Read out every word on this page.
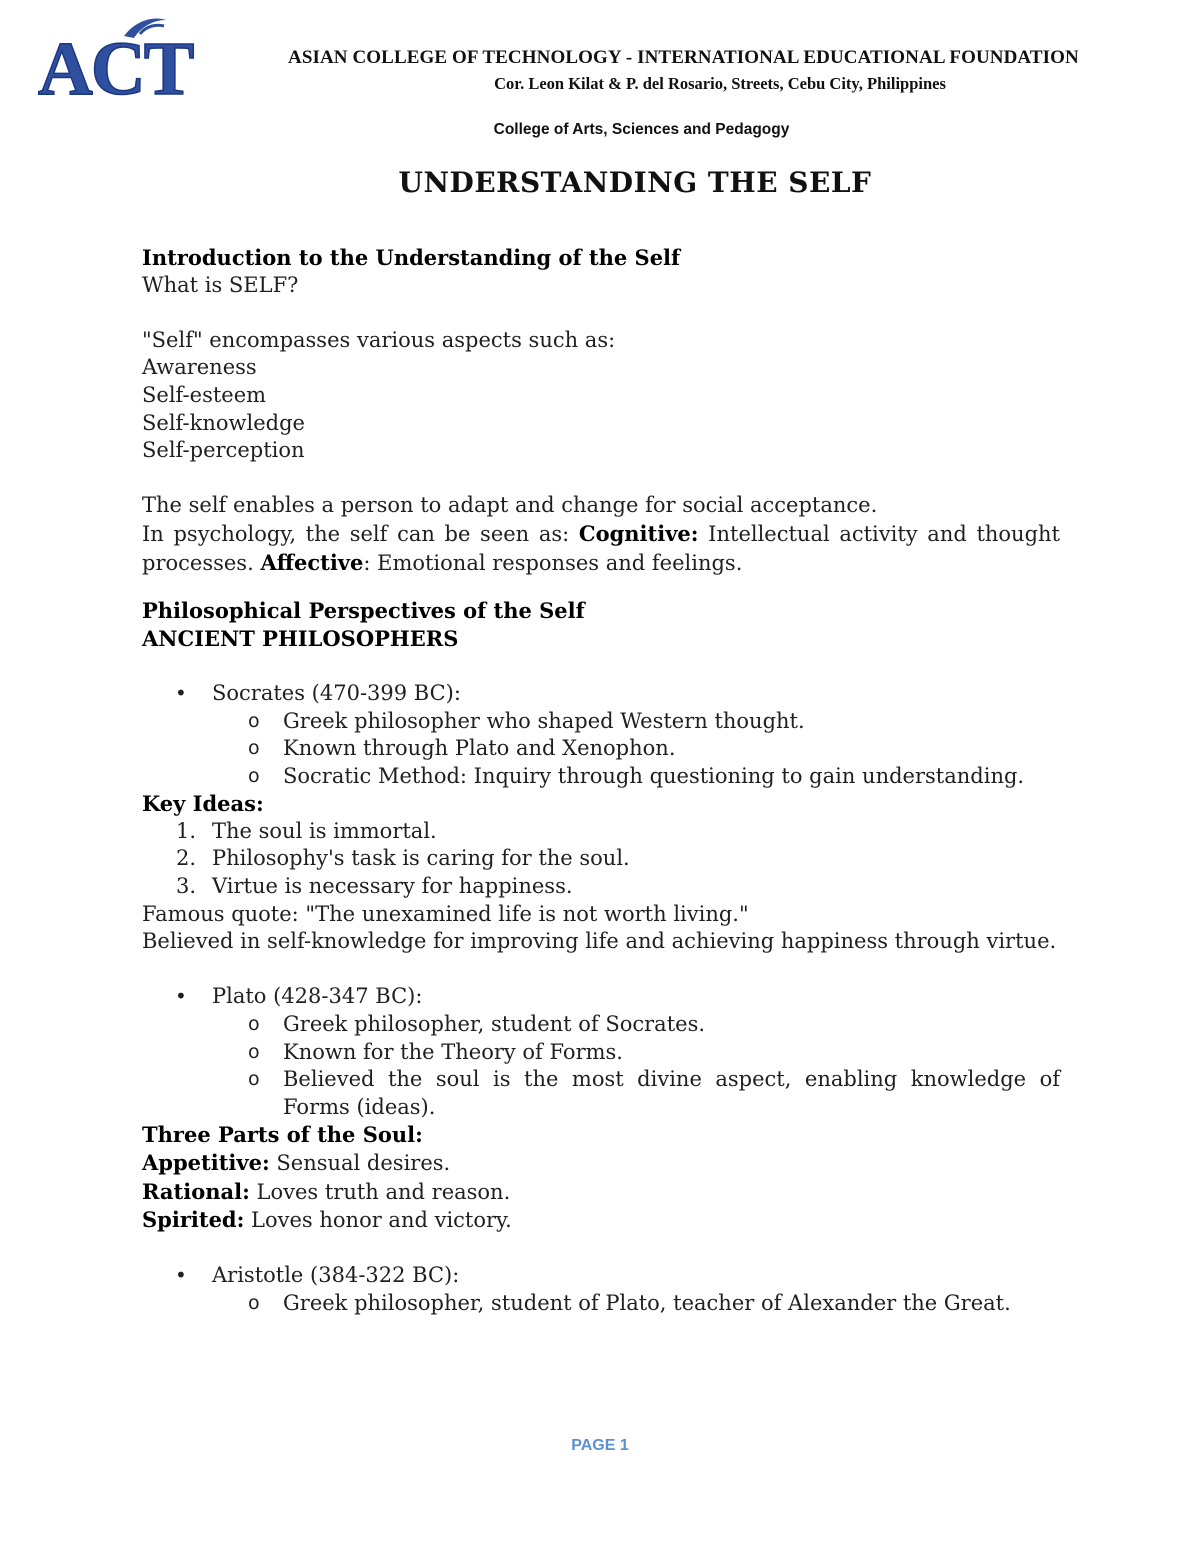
ACT	ASIAN COLLEGE OF TECHNOLOGY - INTERNATIONAL EDUCATIONAL FOUNDATION
Cor. Leon Kilat & P. del Rosario, Streets, Cebu City, Philippines
College of Arts, Sciences and Pedagogy
UNDERSTANDING THE SELF

Introduction to the Understanding of the Self

What is SELF?

"Self" encompasses various aspects such as:

Awareness

Self-esteem

Self-knowledge

Self-perception

The self enables a person to adapt and change for social acceptance.

In psychology, the self can be seen as: Cognitive: Intellectual activity and thought processes. Affective: Emotional responses and feelings.

Philosophical Perspectives of the Self

ANCIENT PHILOSOPHERS

• Socrates (470-399 BC):
o Greek philosopher who shaped Western thought.
o Known through Plato and Xenophon.
o Socratic Method: Inquiry through questioning to gain understanding.

Key Ideas:

1. The soul is immortal.
2. Philosophy's task is caring for the soul.
3. Virtue is necessary for happiness.

Famous quote: "The unexamined life is not worth living."

Believed in self-knowledge for improving life and achieving happiness through virtue.

• Plato (428-347 BC):
o Greek philosopher, student of Socrates.
o Known for the Theory of Forms.
o Believed the soul is the most divine aspect, enabling knowledge of Forms (ideas).

Three Parts of the Soul:

Appetitive: Sensual desires.

Rational: Loves truth and reason.

Spirited: Loves honor and victory.

• Aristotle (384-322 BC):
o Greek philosopher, student of Plato, teacher of Alexander the Great.
PAGE 1
